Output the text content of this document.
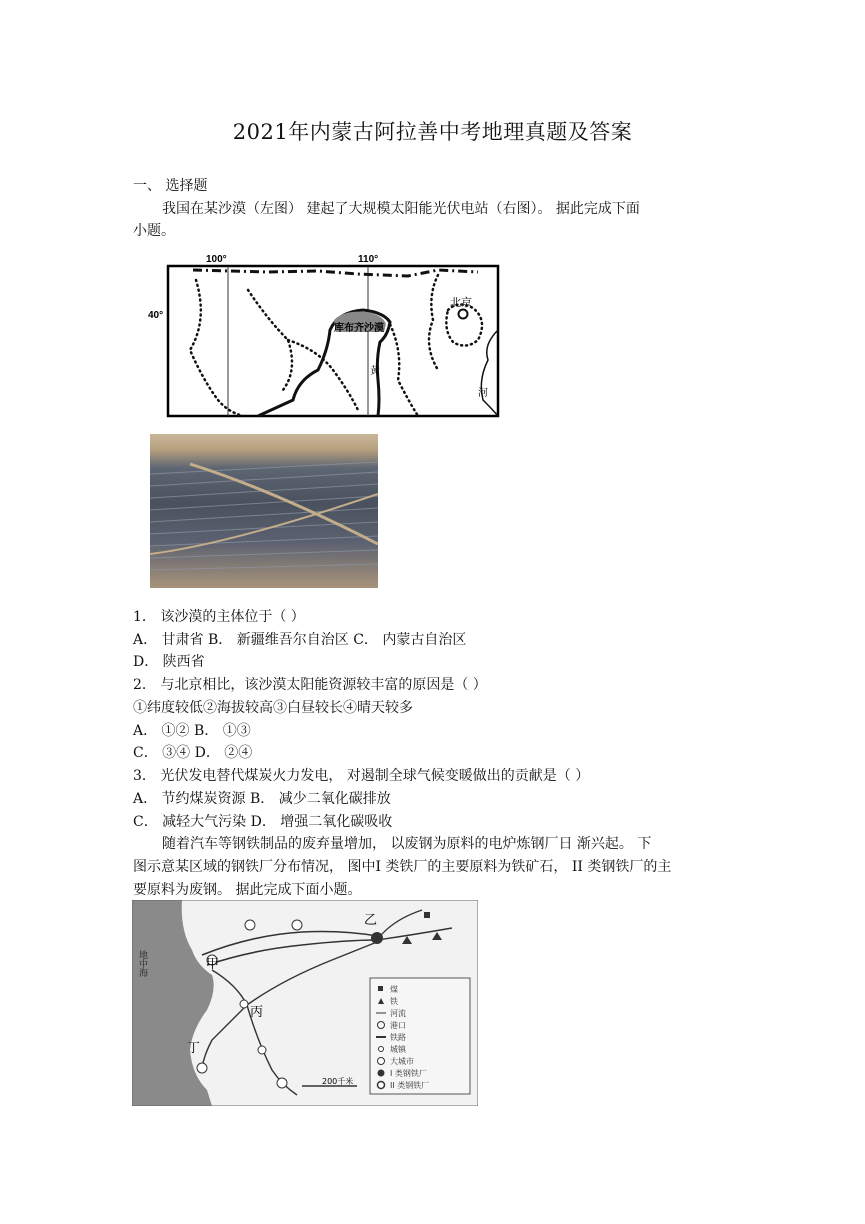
2021年内蒙古阿拉善中考地理真题及答案
一、 选择题
我国在某沙漠（左图） 建起了大规模太阳能光伏电站（右图）。 据此完成下面
小题。
100°	110°
40°
北京
库布齐沙漠
黄
河
1． 该沙漠的主体位于（ ）
A． 甘肃省 B． 新疆维吾尔自治区 C． 内蒙古自治区
D． 陕西省
2． 与北京相比，该沙漠太阳能资源较丰富的原因是（ ）
①纬度较低②海拔较高③白昼较长④晴天较多
A． ①② B． ①③
C． ③④ D． ②④
3． 光伏发电替代煤炭火力发电， 对遏制全球气候变暖做出的贡献是（ ）
A． 节约煤炭资源 B． 减少二氧化碳排放
C． 减轻大气污染 D． 增强二氧化碳吸收
随着汽车等钢铁制品的废弃量增加， 以废钢为原料的电炉炼钢厂日 渐兴起。 下
图示意某区域的钢铁厂分布情况， 图中I 类铁厂的主要原料为铁矿石， II 类钢铁厂的主
要原料为废钢。 据此完成下面小题。
煤
铁
河流
港口
铁路
城镇
大城市
I 类钢铁厂
II 类钢铁厂
地中海	甲
乙
丙
丁
200千米
